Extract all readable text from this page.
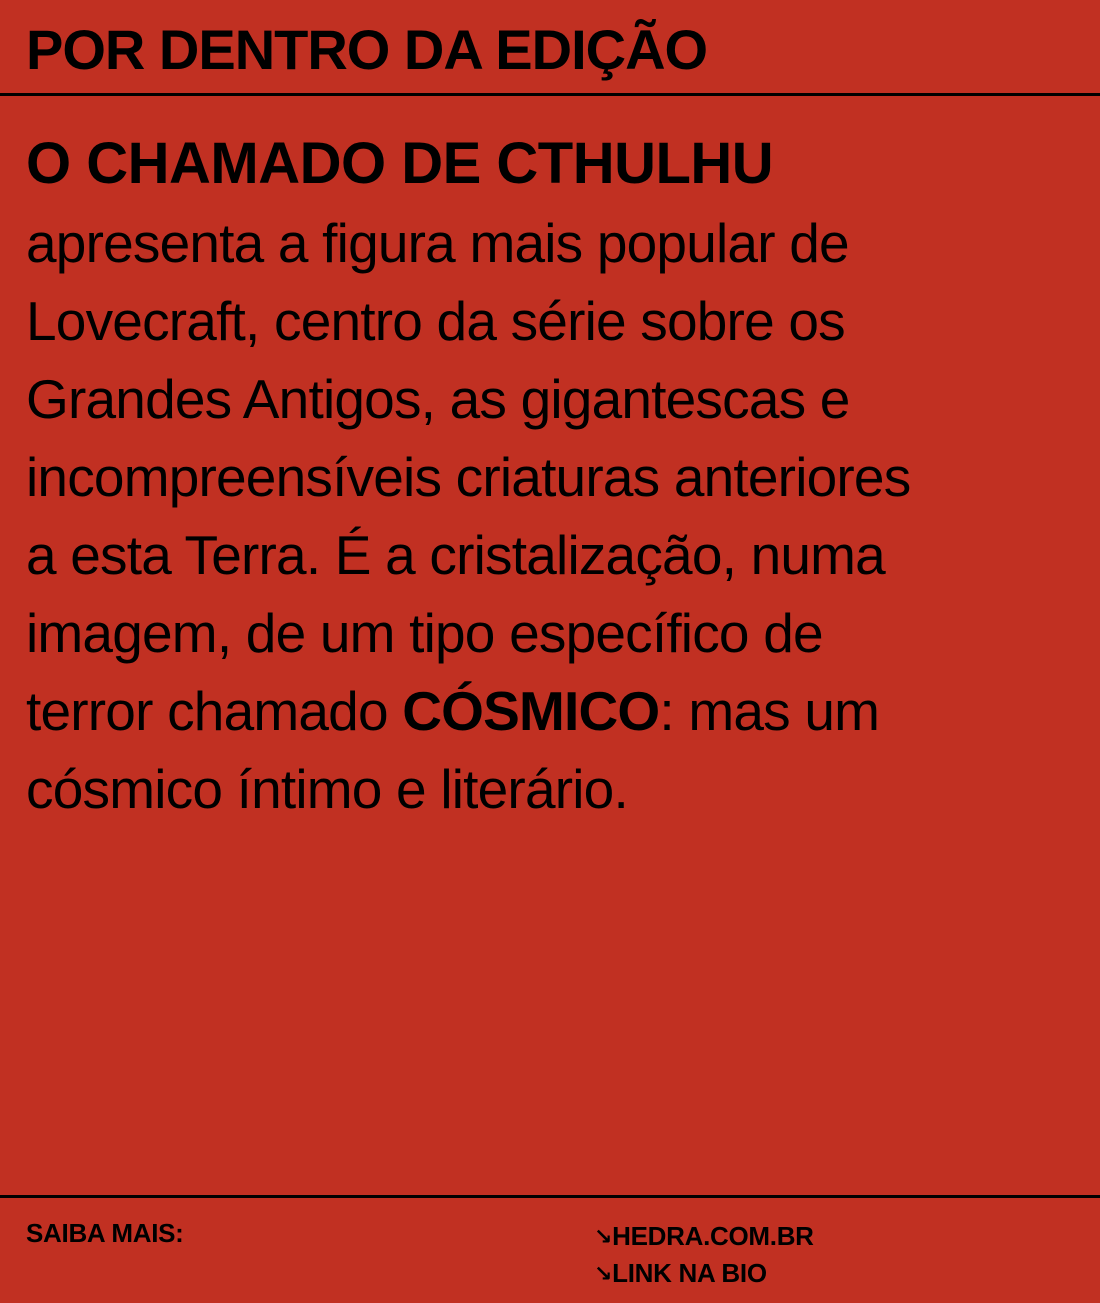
POR DENTRO DA EDIÇÃO
O CHAMADO DE CTHULHU
apresenta a figura mais popular de
Lovecraft, centro da série sobre os
Grandes Antigos, as gigantescas e
incompreensíveis criaturas anteriores
a esta Terra. É a cristalização, numa
imagem, de um tipo específico de
terror chamado CÓSMICO: mas um
cósmico íntimo e literário.
SAIBA MAIS:	↘HEDRA.COM.BR
↘LINK NA BIO
